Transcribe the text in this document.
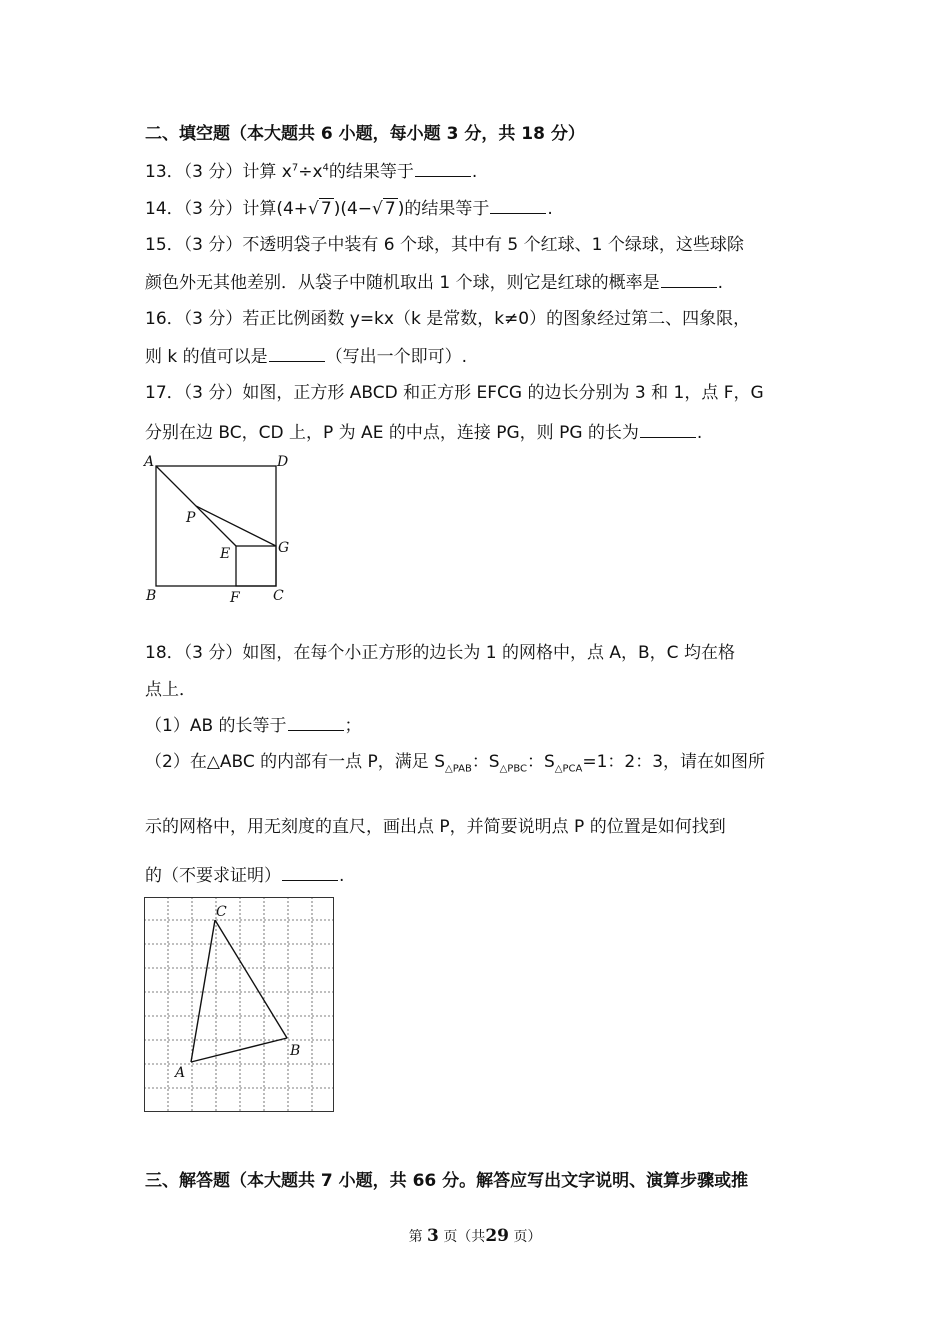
二、填空题（本大题共 6 小题，每小题 3 分，共 18 分）
13．（3 分）计算 $x^7\div x^4$的结果等于	.
14．（3 分）计算(4+√ 7 )(4−√ 7 )的结果等于	.
15．（3 分）不透明袋子中装有 6 个球，其中有 5 个红球、1 个绿球，这些球除
颜色外无其他差别．从袋子中随机取出 1 个球，则它是红球的概率是	.
16．（3 分）若正比例函数 y=kx（k 是常数，k≠0）的图象经过第二、四象限，
则 k 的值可以是	（写出一个即可）.
17．（3 分）如图，正方形 ABCD 和正方形 EFCG 的边长分别为 3 和 1，点 F，G
分别在边 BC，CD 上，P 为 AE 的中点，连接 PG，则 PG 的长为	.
A	D
P
E	G
B	F C
18．（3 分）如图，在每个小正方形的边长为 1 的网格中，点 A，B，C 均在格
点上．
（1）AB 的长等于	；
（2）在△ABC 的内部有一点 P，满足 $S_{\triangle PAB}$：$S_{\triangle PBC}$：$S_{\triangle PCA}=1$：2：3，请在如图所
示的网格中，用无刻度的直尺，画出点 P，并简要说明点 P 的位置是如何找到
的（不要求证明）	.
C
B
A
三、解答题（本大题共 7 小题，共 66 分。解答应写出文字说明、演算步骤或推
第 3 页（共29 页）
